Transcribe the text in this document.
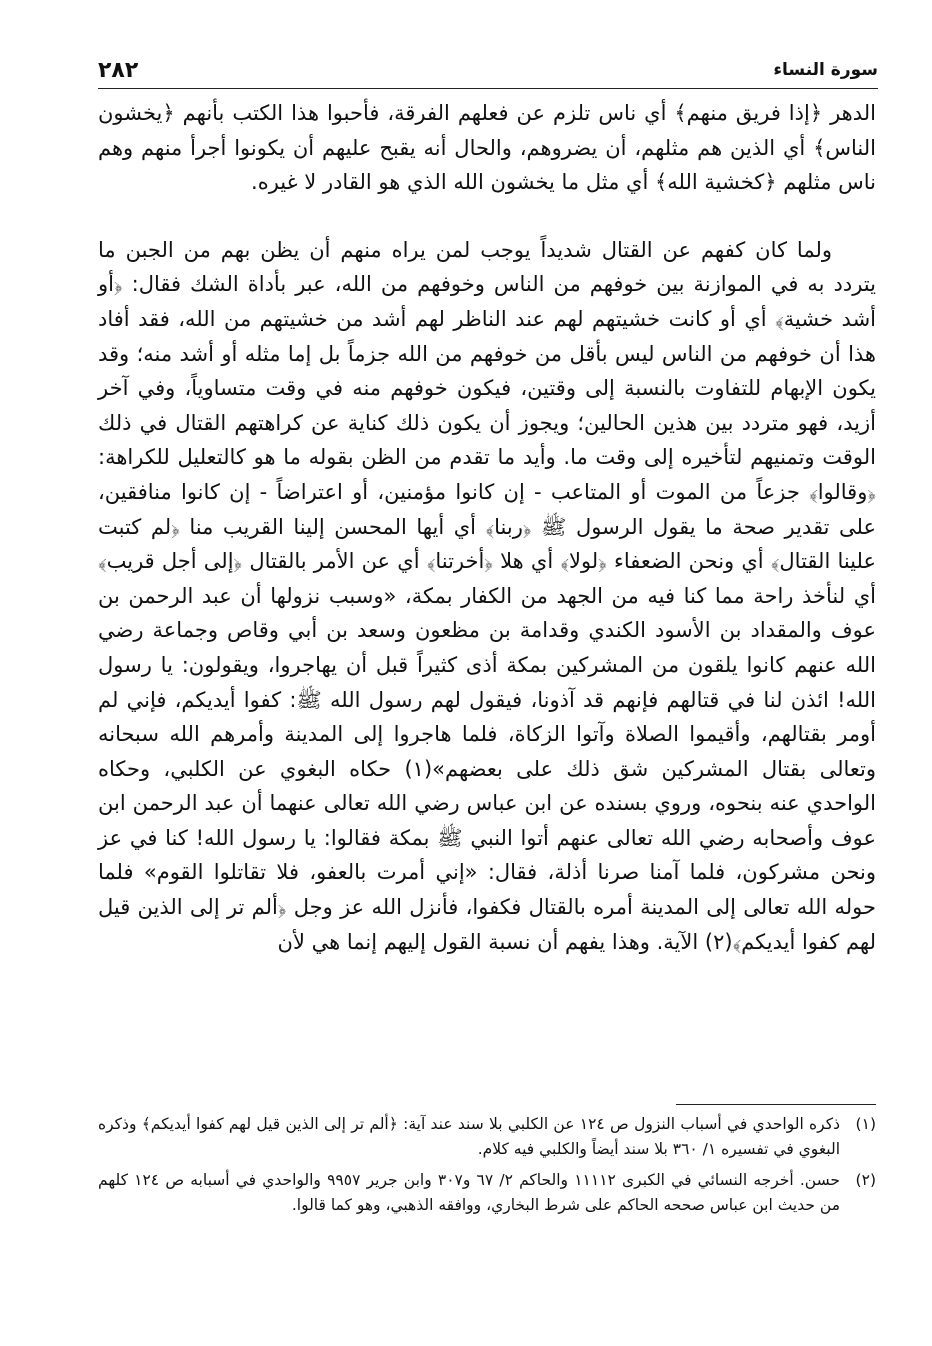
٢٨٢	سورة النساء

الدهر ﴿إذا فريق منهم﴾ أي ناس تلزم عن فعلهم الفرقة، فأحبوا هذا الكتب بأنهم ﴿يخشون الناس﴾ أي الذين هم مثلهم، أن يضروهم، والحال أنه يقبح عليهم أن يكونوا أجرأ منهم وهم ناس مثلهم ﴿كخشية الله﴾ أي مثل ما يخشون الله الذي هو القادر لا غيره.

ولما كان كفهم عن القتال شديداً يوجب لمن يراه منهم أن يظن بهم من الجبن ما يتردد به في الموازنة بين خوفهم من الناس وخوفهم من الله، عبر بأداة الشك فقال: ﴿أو أشد خشية﴾ أي أو كانت خشيتهم لهم عند الناظر لهم أشد من خشيتهم من الله، فقد أفاد هذا أن خوفهم من الناس ليس بأقل من خوفهم من الله جزماً بل إما مثله أو أشد منه؛ وقد يكون الإبهام للتفاوت بالنسبة إلى وقتين، فيكون خوفهم منه في وقت متساوياً، وفي آخر أزيد، فهو متردد بين هذين الحالين؛ ويجوز أن يكون ذلك كناية عن كراهتهم القتال في ذلك الوقت وتمنيهم لتأخيره إلى وقت ما. وأيد ما تقدم من الظن بقوله ما هو كالتعليل للكراهة: ﴿وقالوا﴾ جزعاً من الموت أو المتاعب - إن كانوا مؤمنين، أو اعتراضاً - إن كانوا منافقين، على تقدير صحة ما يقول الرسول ﷺ ﴿ربنا﴾ أي أيها المحسن إلينا القريب منا ﴿لم كتبت علينا القتال﴾ أي ونحن الضعفاء ﴿لولا﴾ أي هلا ﴿أخرتنا﴾ أي عن الأمر بالقتال ﴿إلى أجل قريب﴾ أي لنأخذ راحة مما كنا فيه من الجهد من الكفار بمكة، «وسبب نزولها أن عبد الرحمن بن عوف والمقداد بن الأسود الكندي وقدامة بن مظعون وسعد بن أبي وقاص وجماعة رضي الله عنهم كانوا يلقون من المشركين بمكة أذى كثيراً قبل أن يهاجروا، ويقولون: يا رسول الله! ائذن لنا في قتالهم فإنهم قد آذونا، فيقول لهم رسول الله ﷺ: كفوا أيديكم، فإني لم أومر بقتالهم، وأقيموا الصلاة وآتوا الزكاة، فلما هاجروا إلى المدينة وأمرهم الله سبحانه وتعالى بقتال المشركين شق ذلك على بعضهم»(١) حكاه البغوي عن الكلبي، وحكاه الواحدي عنه بنحوه، وروي بسنده عن ابن عباس رضي الله تعالى عنهما أن عبد الرحمن ابن عوف وأصحابه رضي الله تعالى عنهم أتوا النبي ﷺ بمكة فقالوا: يا رسول الله! كنا في عز ونحن مشركون، فلما آمنا صرنا أذلة، فقال: «إني أمرت بالعفو، فلا تقاتلوا القوم» فلما حوله الله تعالى إلى المدينة أمره بالقتال فكفوا، فأنزل الله عز وجل ﴿ألم تر إلى الذين قيل لهم كفوا أيديكم﴾(٢) الآية. وهذا يفهم أن نسبة القول إليهم إنما هي لأن

(١)
ذكره الواحدي في أسباب النزول ص ١٢٤ عن الكلبي بلا سند عند آية: ﴿ألم تر إلى الذين قيل لهم كفوا أيديكم﴾ وذكره البغوي في تفسيره ١/ ٣٦٠ بلا سند أيضاً والكلبي فيه كلام.
(٢)
حسن. أخرجه النسائي في الكبرى ١١١١٢ والحاكم ٢/ ٦٧ و٣٠٧ وابن جرير ٩٩٥٧ والواحدي في أسبابه ص ١٢٤ كلهم من حديث ابن عباس صححه الحاكم على شرط البخاري، ووافقه الذهبي، وهو كما قالوا.
